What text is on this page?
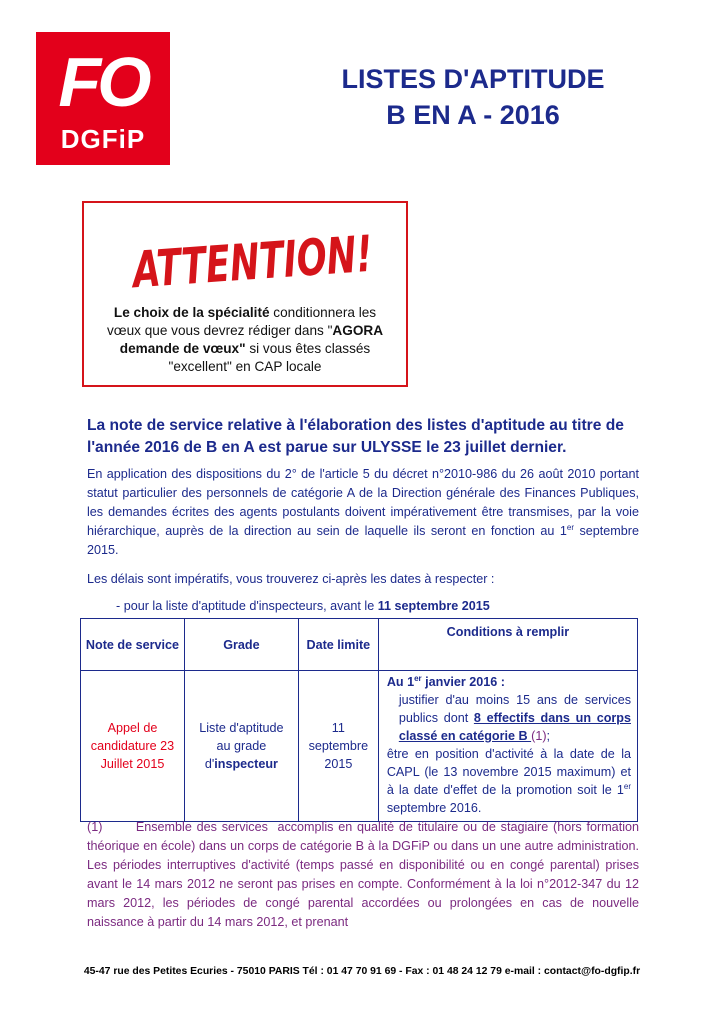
FO
DGFiP
LISTES D'APTITUDE
B EN A - 2016
ATTENTION!
Le choix de la spécialité conditionnera les vœux que vous devrez rédiger dans "AGORA demande de vœux" si vous êtes classés "excellent" en CAP locale
La note de service relative à l'élaboration des listes d'aptitude au titre de l'année 2016 de B en A est parue sur ULYSSE le 23 juillet dernier.
En application des dispositions du 2° de l'article 5 du décret n°2010-986 du 26 août 2010 portant statut particulier des personnels de catégorie A de la Direction générale des Finances Publiques, les demandes écrites des agents postulants doivent impérativement être transmises, par la voie hiérarchique, auprès de la direction au sein de laquelle ils seront en fonction au 1er septembre 2015.
Les délais sont impératifs, vous trouverez ci-après les dates à respecter :
- pour la liste d'aptitude d'inspecteurs, avant le 11 septembre 2015
Note de service	Grade	Date limite	Conditions à remplir
Appel de candidature 23 Juillet 2015	Liste d'aptitude au grade d'inspecteur	11 septembre 2015	Au 1er janvier 2016 :
justifier d'au moins 15 ans de services publics dont 8 effectifs dans un corps classé en catégorie B (1);
être en position d'activité à la date de la CAPL (le 13 novembre 2015 maximum) et à la date d'effet de la promotion soit le 1er septembre 2016.
(1)       Ensemble des services  accomplis en qualité de titulaire ou de stagiaire (hors formation théorique en école) dans un corps de catégorie B à la DGFiP ou dans un une autre administration. Les périodes interruptives d'activité (temps passé en disponibilité ou en congé parental) prises avant le 14 mars 2012 ne seront pas prises en compte. Conformément à la loi n°2012-347 du 12 mars 2012, les périodes de congé parental accordées ou prolongées en cas de nouvelle naissance à partir du 14 mars 2012, et prenant
45-47 rue des Petites Ecuries - 75010 PARIS Tél : 01 47 70 91 69 - Fax : 01 48 24 12 79 e-mail : contact@fo-dgfip.fr
